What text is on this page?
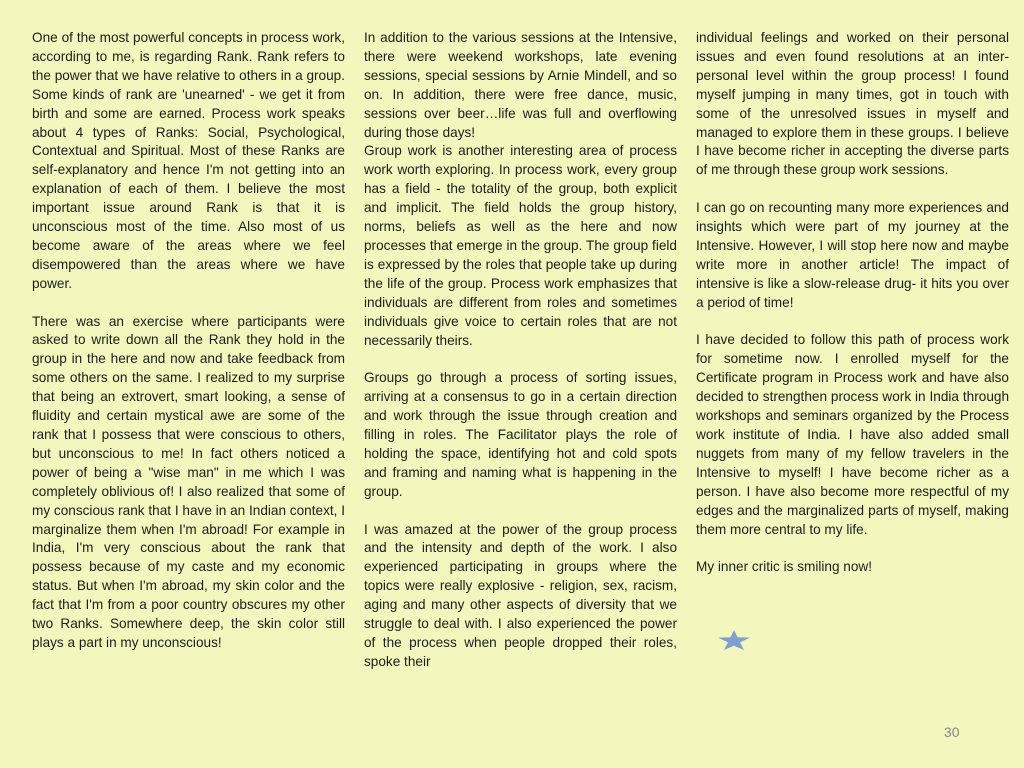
One of the most powerful concepts in process work, according to me, is regarding Rank. Rank refers to the power that we have relative to others in a group. Some kinds of rank are 'unearned' - we get it from birth and some are earned. Process work speaks about 4 types of Ranks: Social, Psychological, Contextual and Spiritual. Most of these Ranks are self-explanatory and hence I'm not getting into an explanation of each of them. I believe the most important issue around Rank is that it is unconscious most of the time. Also most of us become aware of the areas where we feel disempowered than the areas where we have power.

There was an exercise where participants were asked to write down all the Rank they hold in the group in the here and now and take feedback from some others on the same. I realized to my surprise that being an extrovert, smart looking, a sense of fluidity and certain mystical awe are some of the rank that I possess that were conscious to others, but unconscious to me! In fact others noticed a power of being a "wise man" in me which I was completely oblivious of! I also realized that some of my conscious rank that I have in an Indian context, I marginalize them when I'm abroad! For example in India, I'm very conscious about the rank that possess because of my caste and my economic status. But when I'm abroad, my skin color and the fact that I'm from a poor country obscures my other two Ranks. Somewhere deep, the skin color still plays a part in my unconscious!

In addition to the various sessions at the Intensive, there were weekend workshops, late evening sessions, special sessions by Arnie Mindell, and so on. In addition, there were free dance, music, sessions over beer…life was full and overflowing during those days!

Group work is another interesting area of process work worth exploring. In process work, every group has a field - the totality of the group, both explicit and implicit. The field holds the group history, norms, beliefs as well as the here and now processes that emerge in the group. The group field is expressed by the roles that people take up during the life of the group. Process work emphasizes that individuals are different from roles and sometimes individuals give voice to certain roles that are not necessarily theirs.

Groups go through a process of sorting issues, arriving at a consensus to go in a certain direction and work through the issue through creation and filling in roles. The Facilitator plays the role of holding the space, identifying hot and cold spots and framing and naming what is happening in the group.

I was amazed at the power of the group process and the intensity and depth of the work. I also experienced participating in groups where the topics were really explosive - religion, sex, racism, aging and many other aspects of diversity that we struggle to deal with. I also experienced the power of the process when people dropped their roles, spoke their

individual feelings and worked on their personal issues and even found resolutions at an inter-personal level within the group process! I found myself jumping in many times, got in touch with some of the unresolved issues in myself and managed to explore them in these groups. I believe I have become richer in accepting the diverse parts of me through these group work sessions.

I can go on recounting many more experiences and insights which were part of my journey at the Intensive. However, I will stop here now and maybe write more in another article! The impact of intensive is like a slow-release drug- it hits you over a period of time!

I have decided to follow this path of process work for sometime now. I enrolled myself for the Certificate program in Process work and have also decided to strengthen process work in India through workshops and seminars organized by the Process work institute of India. I have also added small nuggets from many of my fellow travelers in the Intensive to myself! I have become richer as a person. I have also become more respectful of my edges and the marginalized parts of myself, making them more central to my life.

My inner critic is smiling now!

30
